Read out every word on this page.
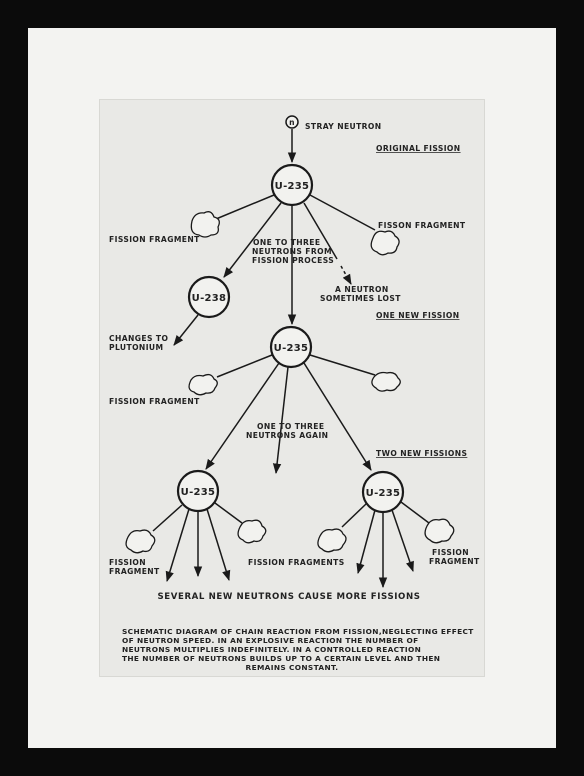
n STRAY NEUTRON
ORIGINAL FISSION
U-235
FISSION FRAGMENT
FISSON FRAGMENT
ONE TO THREE
NEUTRONS FROM
FISSION PROCESS
A NEUTRON
SOMETIMES LOST
U-238
CHANGES TO
PLUTONIUM
ONE NEW FISSION
U-235
FISSION FRAGMENT
ONE TO THREE
NEUTRONS AGAIN
TWO NEW FISSIONS
U-235
FISSION
FRAGMENT
U-235
FISSION FRAGMENTS
FISSION
FRAGMENT
SEVERAL NEW NEUTRONS CAUSE MORE FISSIONS
SCHEMATIC DIAGRAM OF CHAIN REACTION FROM FISSION,NEGLECTING EFFECT
OF NEUTRON SPEED. IN AN EXPLOSIVE REACTION THE NUMBER OF
NEUTRONS MULTIPLIES INDEFINITELY. IN A CONTROLLED REACTION
THE NUMBER OF NEUTRONS BUILDS UP TO A CERTAIN LEVEL AND THEN
REMAINS CONSTANT.
